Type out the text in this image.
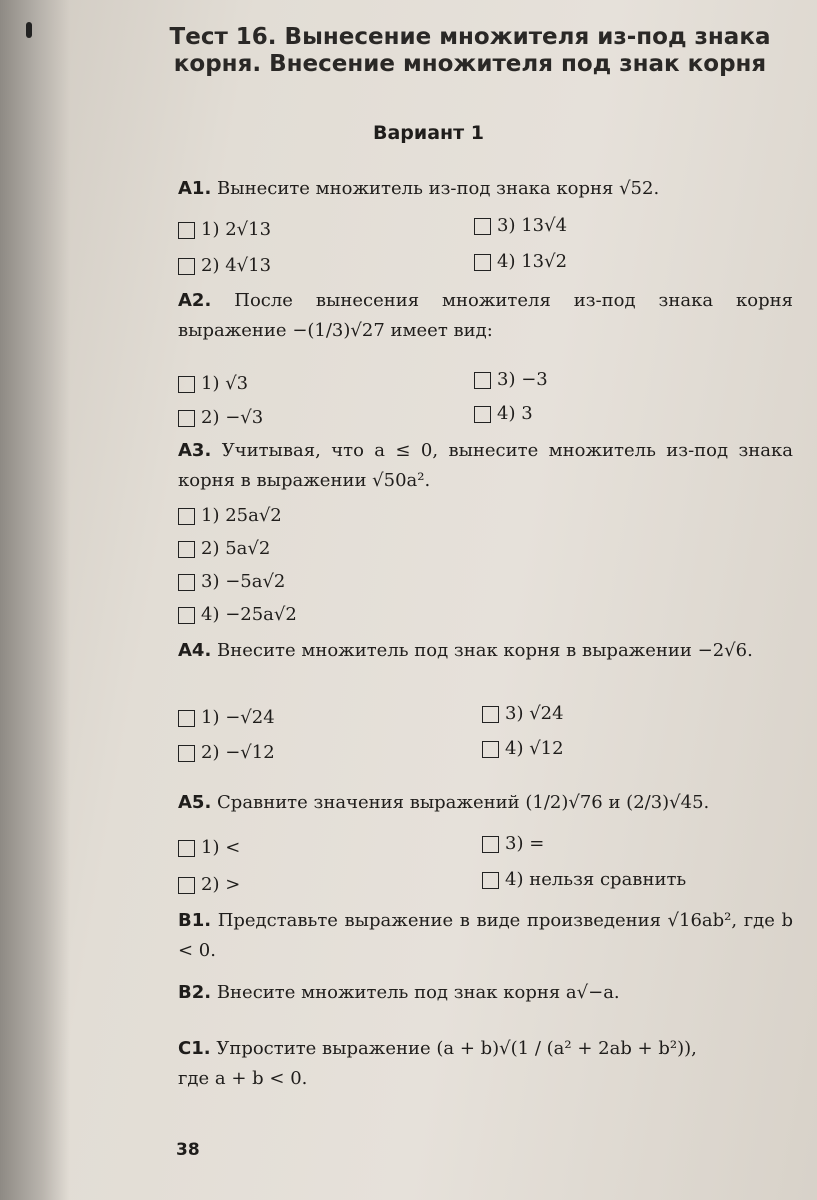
Тест 16. Вынесение множителя из-под знака корня. Внесение множителя под знак корня
Вариант 1
А1. Вынесите множитель из-под знака корня √52.
1) 2√13	3) 13√4
2) 4√13	4) 13√2
А2. После вынесения множителя из-под знака корня выражение −(1/3)√27 имеет вид:
1) √3	3) −3
2) −√3	4) 3
А3. Учитывая, что a ≤ 0, вынесите множитель из-под знака корня в выражении √50a².
1) 25a√2
2) 5a√2
3) −5a√2
4) −25a√2
А4. Внесите множитель под знак корня в выражении −2√6.
1) −√24	3) √24
2) −√12	4) √12
А5. Сравните значения выражений (1/2)√76 и (2/3)√45.
1) <	3) =
2) >	4) нельзя сравнить
В1. Представьте выражение в виде произведения √16ab², где b < 0.
В2. Внесите множитель под знак корня a√−a.
С1. Упростите выражение (a + b)√(1 / (a² + 2ab + b²)),
где a + b < 0.
38
